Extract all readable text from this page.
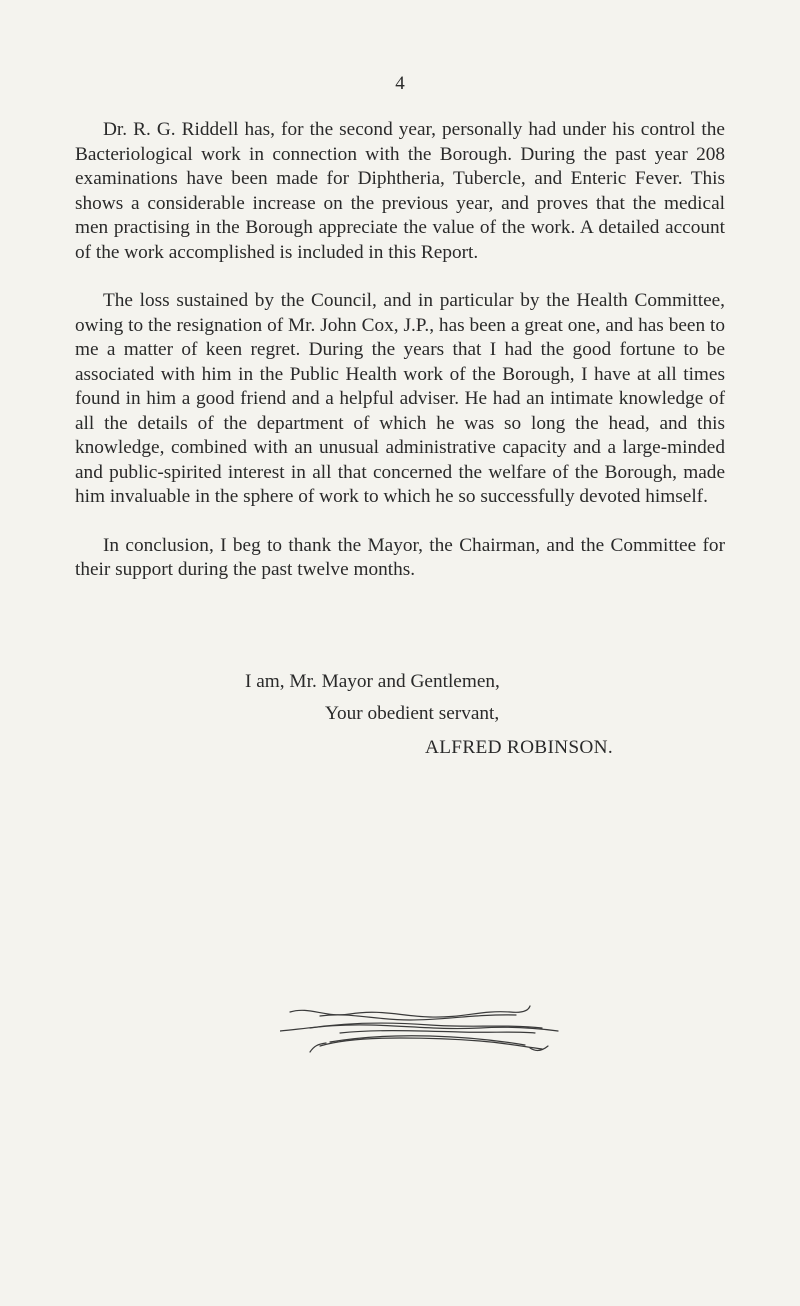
4

Dr. R. G. Riddell has, for the second year, personally had under his control the Bacteriological work in connection with the Borough. During the past year 208 examinations have been made for Diphtheria, Tubercle, and Enteric Fever. This shows a considerable increase on the previous year, and proves that the medical men practising in the Borough appreciate the value of the work. A detailed account of the work accomplished is included in this Report.

The loss sustained by the Council, and in particular by the Health Committee, owing to the resignation of Mr. John Cox, J.P., has been a great one, and has been to me a matter of keen regret. During the years that I had the good fortune to be associated with him in the Public Health work of the Borough, I have at all times found in him a good friend and a helpful adviser. He had an intimate knowledge of all the details of the department of which he was so long the head, and this knowledge, combined with an unusual administrative capacity and a large-minded and public-spirited interest in all that concerned the welfare of the Borough, made him invaluable in the sphere of work to which he so successfully devoted himself.

In conclusion, I beg to thank the Mayor, the Chairman, and the Committee for their support during the past twelve months.

I am, Mr. Mayor and Gentlemen,
Your obedient servant,
ALFRED ROBINSON.
